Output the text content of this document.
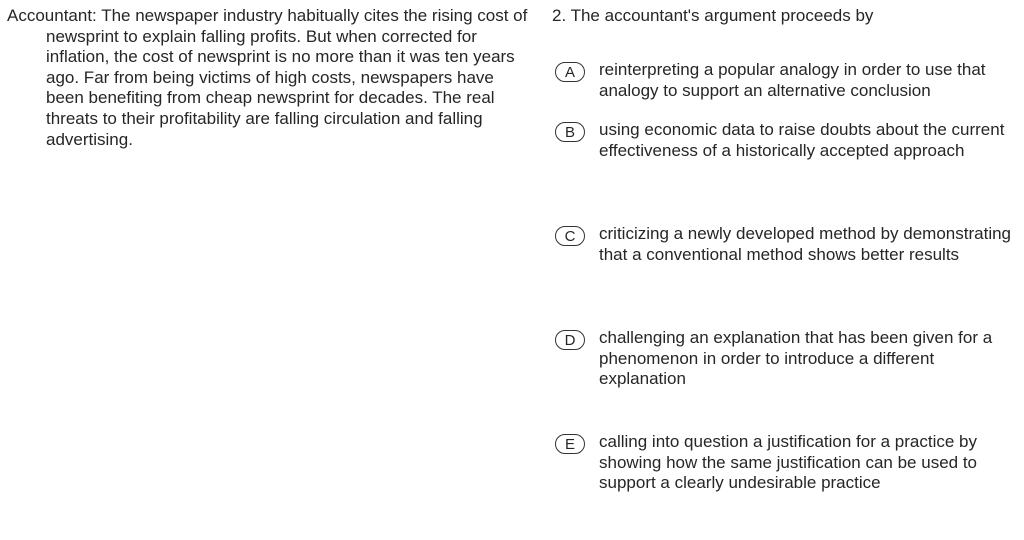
Accountant: The newspaper industry habitually cites the rising cost of newsprint to explain falling profits. But when corrected for inflation, the cost of newsprint is no more than it was ten years ago. Far from being victims of high costs, newspapers have been benefiting from cheap newsprint for decades. The real threats to their profitability are falling circulation and falling advertising.

2. The accountant's argument proceeds by

A	reinterpreting a popular analogy in order to use that analogy to support an alternative conclusion
B	using economic data to raise doubts about the current effectiveness of a historically accepted approach
C	criticizing a newly developed method by demonstrating that a conventional method shows better results
D	challenging an explanation that has been given for a phenomenon in order to introduce a different explanation
E	calling into question a justification for a practice by showing how the same justification can be used to support a clearly undesirable practice
